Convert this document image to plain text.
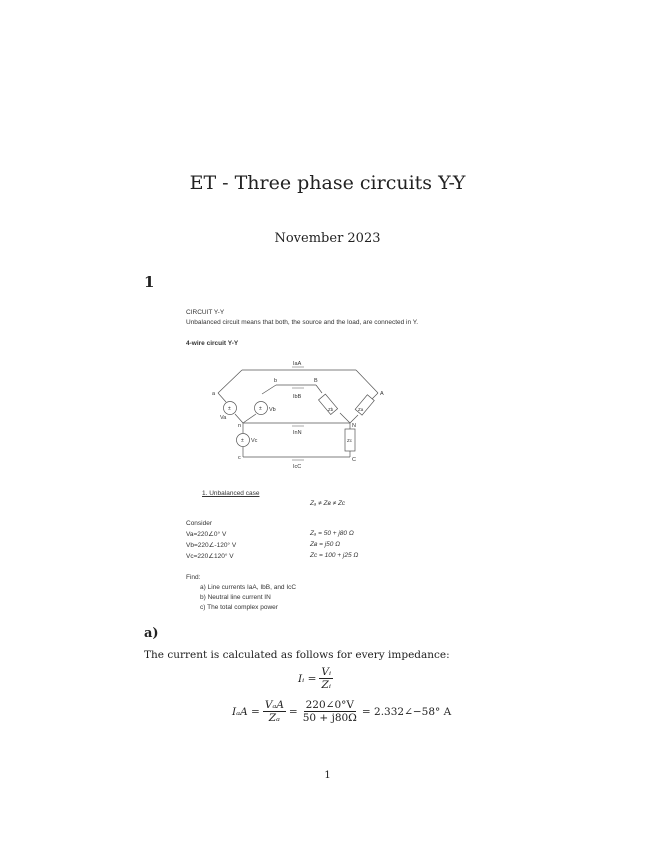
ET - Three phase circuits Y-Y
November 2023
1
CIRCUIT Y-Y
Unbalanced circuit means that both, the source and the load, are connected in Y.
4-wire circuit Y-Y
±	±
±
IaA
IbB
InN
IcC
a
b	B
A
n	N
c	C
Va
Vb
Vc
Zb	Za
Zc
1. Unbalanced case
Zₐ ≠ Zʙ ≠ Zᴄ
Consider
Va=220∠0° V
Vb=220∠-120° V
Vc=220∠120° V
Zₐ = 50 + j80 Ω
Zʙ = j50 Ω
Zᴄ = 100 + j25 Ω
Find:
a) Line currents IaA, IbB, and IcC
b) Neutral line current IN
c) The total complex power
a)
The current is calculated as follows for every impedance:
Iᵢ = $\frac{\text{Vᵢ}}{\text{Zᵢ}}$
$I_aA = \frac{\text{VₐA}}{\text{Zₐ}} = \frac{220\angle 0^\circ V}{50 + j80\Omega}$ = 2.332∠−58° A
1
